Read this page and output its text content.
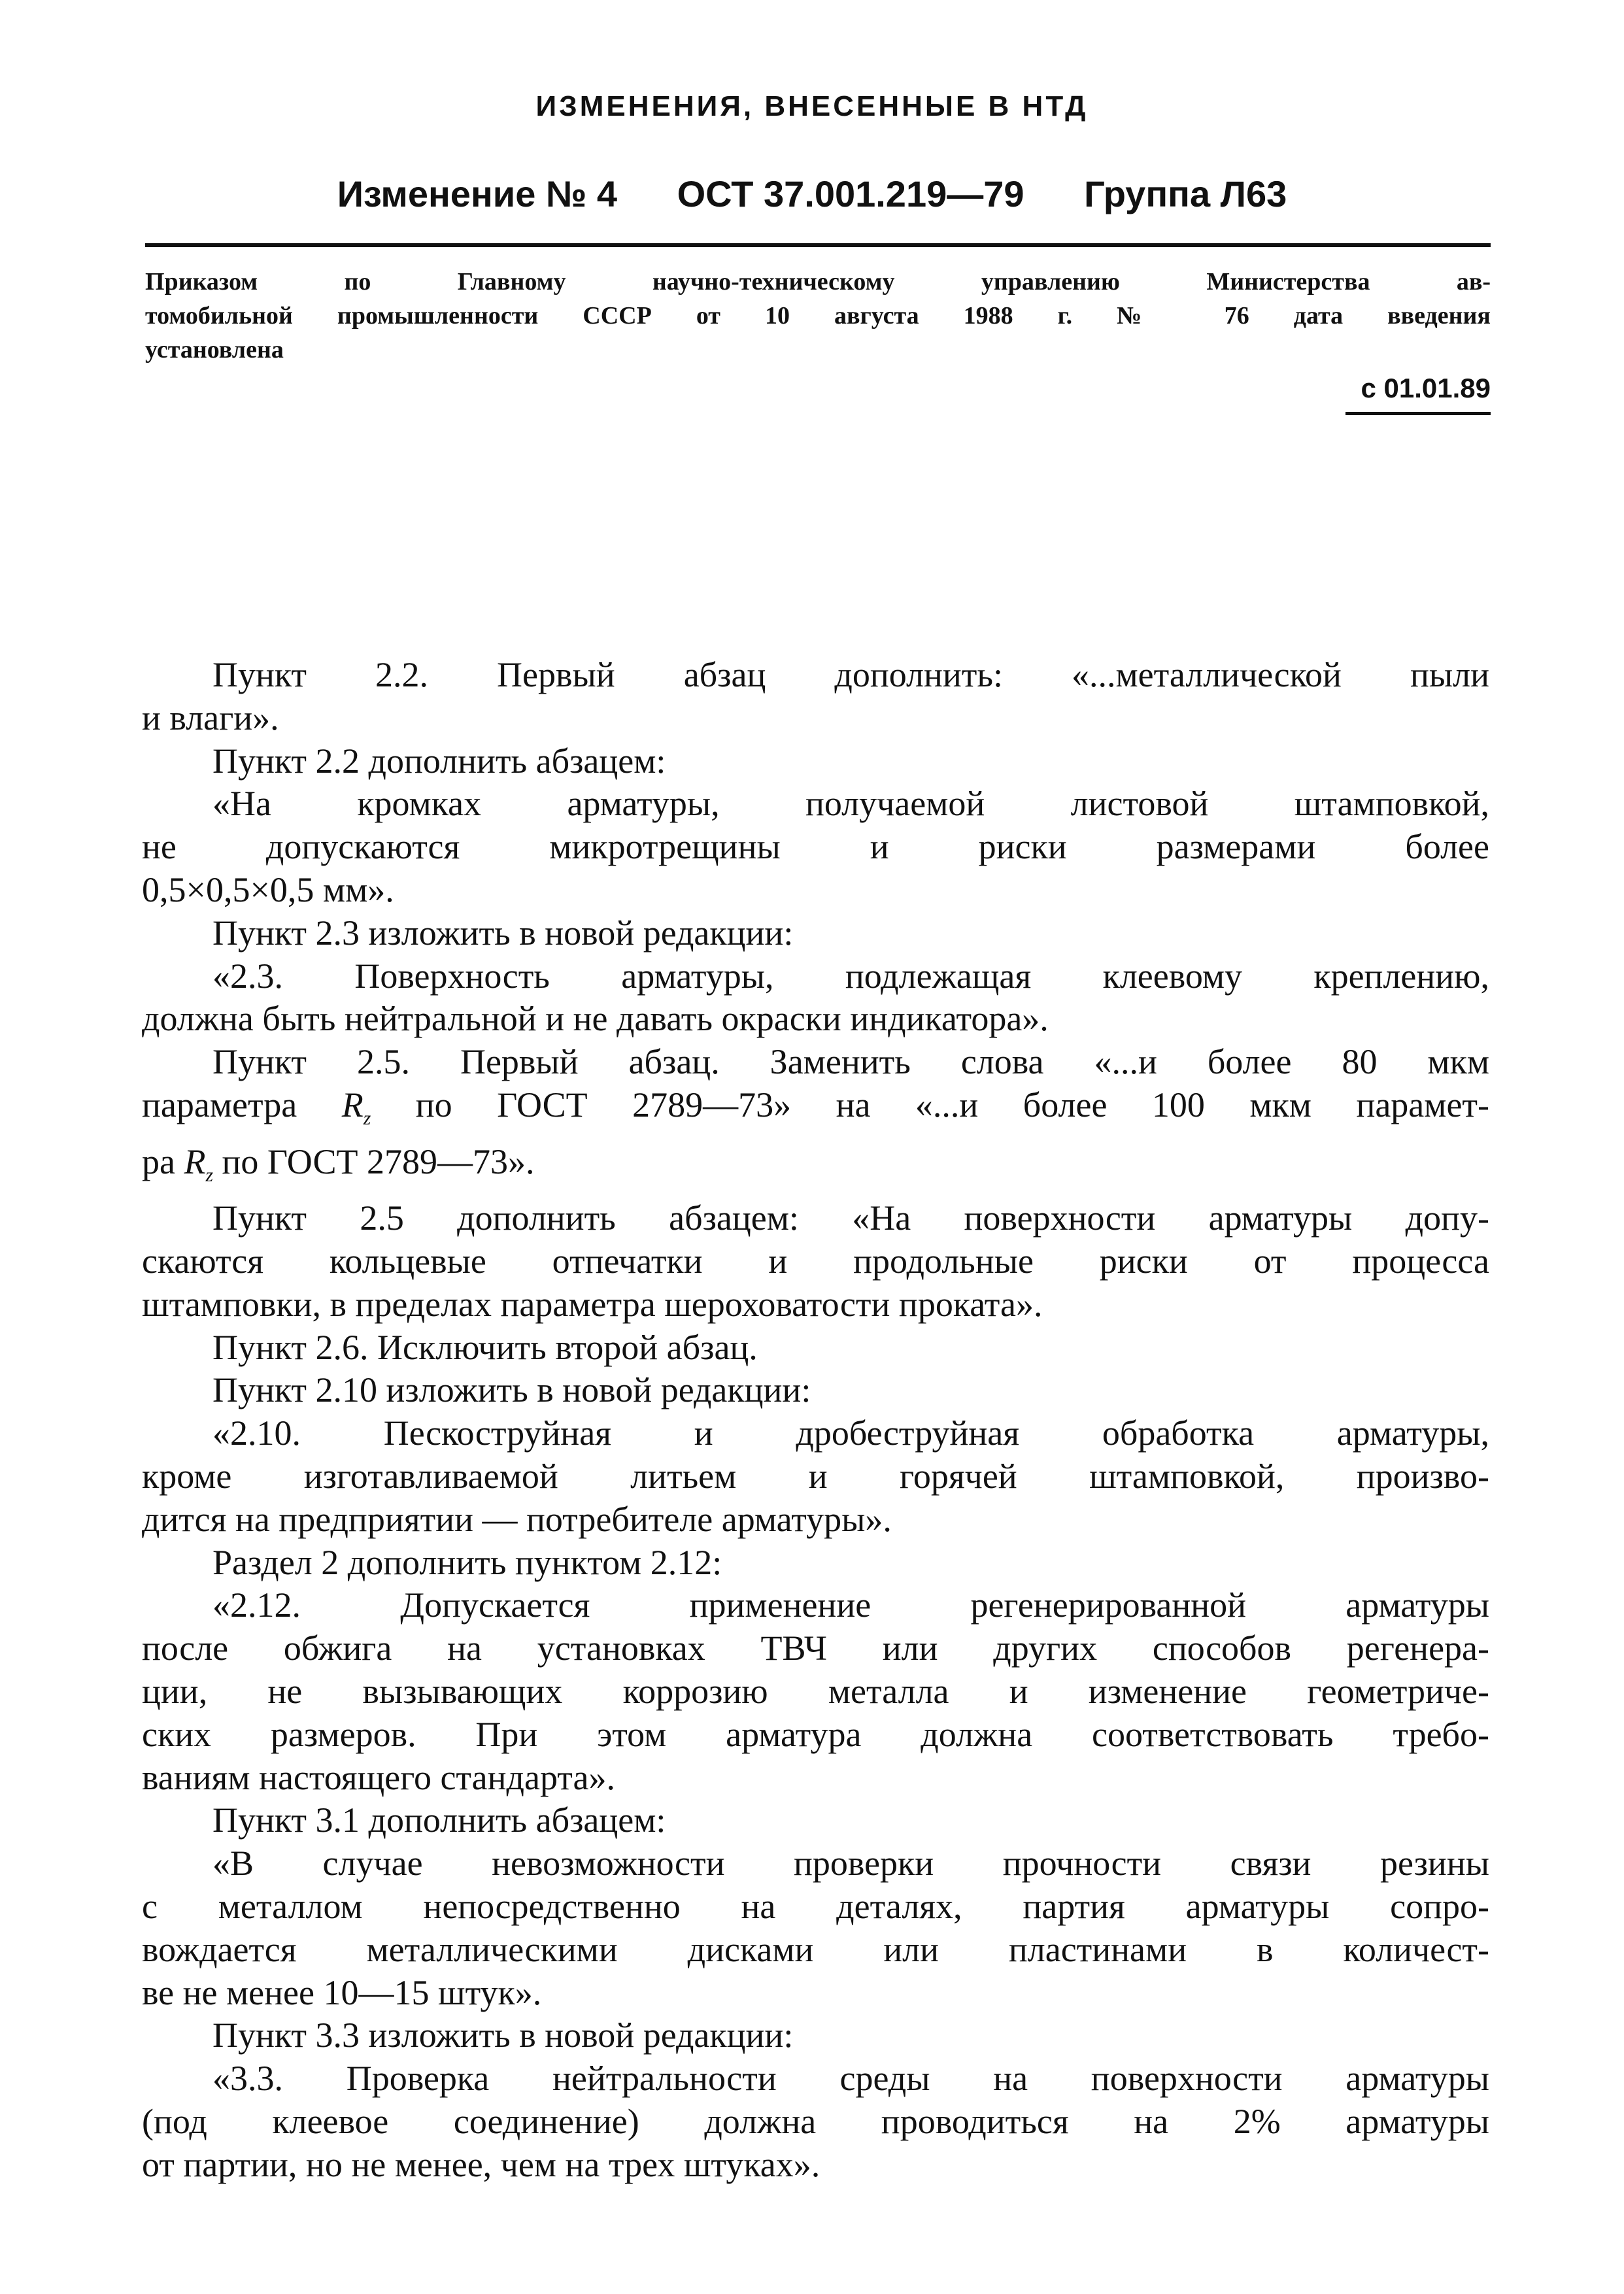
ИЗМЕНЕНИЯ, ВНЕСЕННЫЕ В НТД
Изменение № 4 ОСТ 37.001.219—79 Группа Л63
Приказом по Главному научно-техническому управлению Министерства ав-
томобильной промышленности СССР от 10 августа 1988 г. № 76 дата введения
установлена
с 01.01.89
Пункт 2.2. Первый абзац дополнить: «...металлической пыли
и влаги».
Пункт 2.2 дополнить абзацем:
«На кромках арматуры, получаемой листовой штамповкой,
не допускаются микротрещины и риски размерами более
0,5×0,5×0,5 мм».
Пункт 2.3 изложить в новой редакции:
«2.3. Поверхность арматуры, подлежащая клеевому креплению,
должна быть нейтральной и не давать окраски индикатора».
Пункт 2.5. Первый абзац. Заменить слова «...и более 80 мкм
параметра $R_z$ по ГОСТ 2789—73» на «...и более 100 мкм парамет-
ра $R_z$ по ГОСТ 2789—73».
Пункт 2.5 дополнить абзацем: «На поверхности арматуры допу-
скаются кольцевые отпечатки и продольные риски от процесса
штамповки, в пределах параметра шероховатости проката».
Пункт 2.6. Исключить второй абзац.
Пункт 2.10 изложить в новой редакции:
«2.10. Пескоструйная и дробеструйная обработка арматуры,
кроме изготавливаемой литьем и горячей штамповкой, произво-
дится на предприятии — потребителе арматуры».
Раздел 2 дополнить пунктом 2.12:
«2.12. Допускается применение регенерированной арматуры
после обжига на установках ТВЧ или других способов регенера-
ции, не вызывающих коррозию металла и изменение геометриче-
ских размеров. При этом арматура должна соответствовать требо-
ваниям настоящего стандарта».
Пункт 3.1 дополнить абзацем:
«В случае невозможности проверки прочности связи резины
с металлом непосредственно на деталях, партия арматуры сопро-
вождается металлическими дисками или пластинами в количест-
ве не менее 10—15 штук».
Пункт 3.3 изложить в новой редакции:
«3.3. Проверка нейтральности среды на поверхности арматуры
(под клеевое соединение) должна проводиться на 2% арматуры
от партии, но не менее, чем на трех штуках».
